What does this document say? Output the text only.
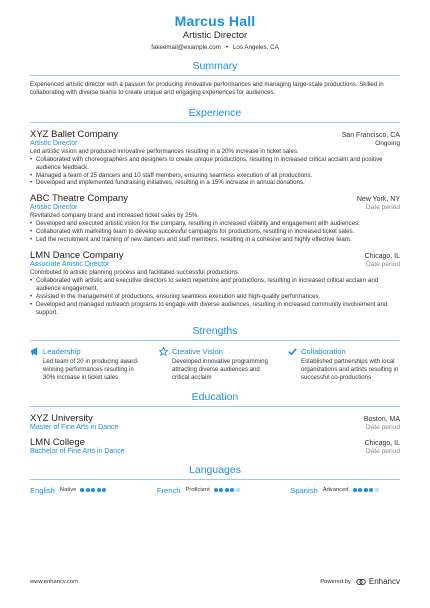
Marcus Hall
Artistic Director
fakeemail@example.com • Los Angeles, CA
Summary
Experienced artistic director with a passion for producing innovative performances and managing large-scale productions. Skilled in collaborating with diverse teams to create unique and engaging experiences for audiences.
Experience
XYZ Ballet Company	San Francisco, CA
Artistic Director	Ongoing
Led artistic vision and produced innovative performances resulting in a 20% increase in ticket sales.
• Collaborated with choreographers and designers to create unique productions, resulting in increased critical acclaim and positive audience feedback.
• Managed a team of 25 dancers and 10 staff members, ensuring seamless execution of all productions.
• Developed and implemented fundraising initiatives, resulting in a 15% increase in annual donations.
ABC Theatre Company	New York, NY
Artistic Director	Date period
Revitalized company brand and increased ticket sales by 25%.
• Developed and executed artistic vision for the company, resulting in increased visibility and engagement with audiences.
• Collaborated with marketing team to develop successful campaigns for productions, resulting in increased ticket sales.
• Led the recruitment and training of new dancers and staff members, resulting in a cohesive and highly effective team.
LMN Dance Company	Chicago, IL
Associate Artistic Director	Date period
Contributed to artistic planning process and facilitated successful productions.
• Collaborated with artistic and executive directors to select repertoire and productions, resulting in increased critical acclaim and audience engagement.
• Assisted in the management of productions, ensuring seamless execution and high-quality performances.
• Developed and managed outreach programs to engage with diverse audiences, resulting in increased community involvement and support.
Strengths
Leadership
Led team of 20 in producing award-winning performances resulting in 30% increase in ticket sales
Creative Vision
Developed innovative programming attracting diverse audiences and critical acclaim
Collaboration
Established partnerships with local organizations and artists resulting in successful co-productions
Education
XYZ University	Boston, MA
Master of Fine Arts in Dance	Date period
LMN College	Chicago, IL
Bachelor of Fine Arts in Dance	Date period
Languages
English Native	French Proficient	Spanish Advanced
www.enhancv.com	Powered by Enhancv
